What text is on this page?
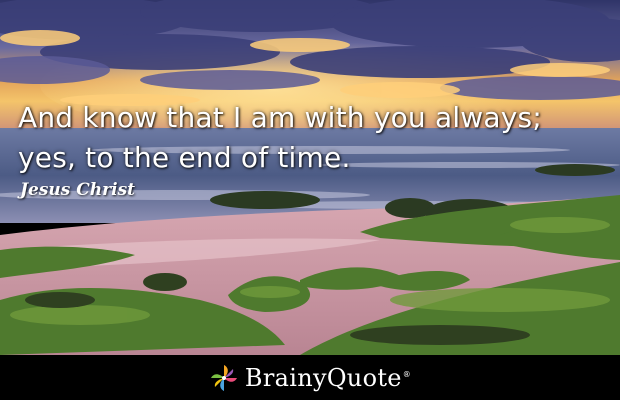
And know that I am with you always;
yes, to the end of time.
Jesus Christ
BrainyQuote®
